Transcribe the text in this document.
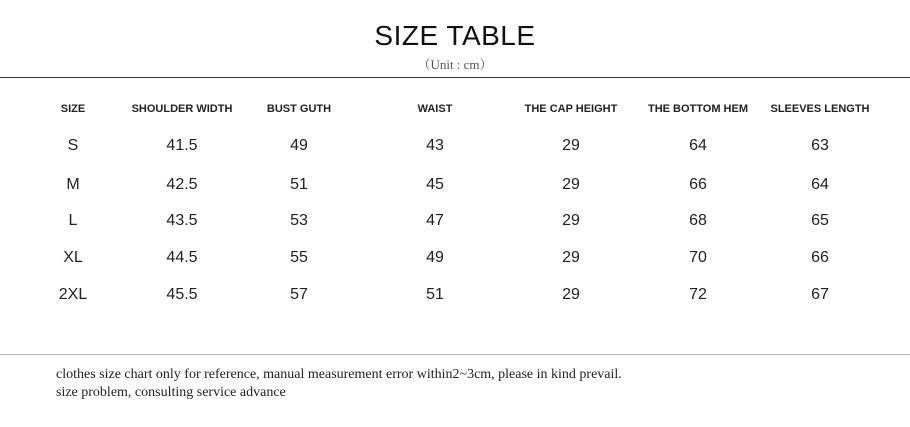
SIZE TABLE
（Unit : cm）
SIZE	SHOULDER WIDTH	BUST GUTH	WAIST	THE CAP HEIGHT	THE BOTTOM HEM	SLEEVES LENGTH
S	41.5	49	43	29	64	63
M	42.5	51	45	29	66	64
L	43.5	53	47	29	68	65
XL	44.5	55	49	29	70	66
2XL	45.5	57	51	29	72	67
clothes size chart only for reference, manual measurement error within2~3cm, please in kind prevail.
size problem, consulting service advance
